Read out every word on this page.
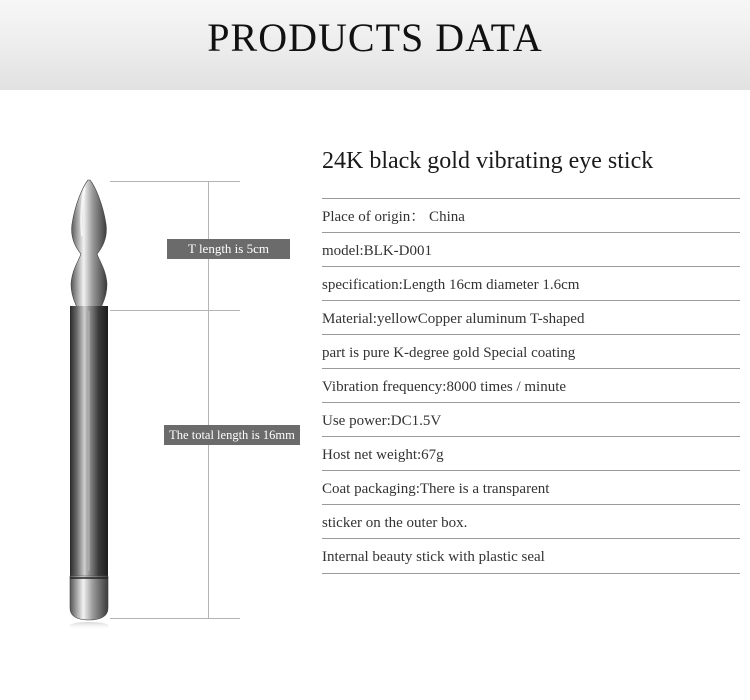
PRODUCTS DATA
T length is 5cm
The total length is 16mm
24K black gold vibrating eye stick
Place of origin： China
model:BLK-D001
specification:Length 16cm diameter 1.6cm
Material:yellowCopper aluminum T-shaped
part is pure K-degree gold Special coating
Vibration frequency:8000 times / minute
Use power:DC1.5V
Host net weight:67g
Coat packaging:There is a transparent
sticker on the outer box.
Internal beauty stick with plastic seal
